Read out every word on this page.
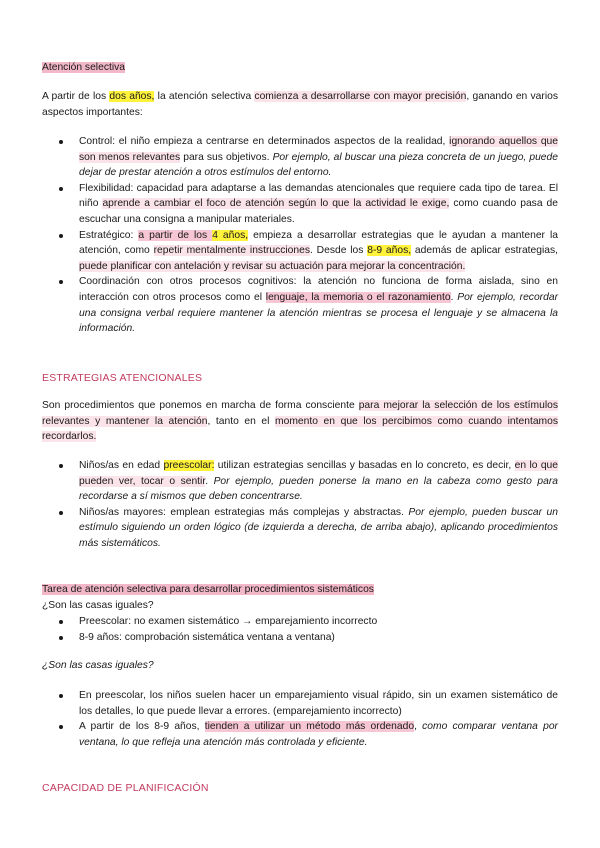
Atención selectiva
A partir de los dos años, la atención selectiva comienza a desarrollarse con mayor precisión, ganando en varios aspectos importantes:
Control: el niño empieza a centrarse en determinados aspectos de la realidad, ignorando aquellos que son menos relevantes para sus objetivos. Por ejemplo, al buscar una pieza concreta de un juego, puede dejar de prestar atención a otros estímulos del entorno.
Flexibilidad: capacidad para adaptarse a las demandas atencionales que requiere cada tipo de tarea. El niño aprende a cambiar el foco de atención según lo que la actividad le exige, como cuando pasa de escuchar una consigna a manipular materiales.
Estratégico: a partir de los 4 años, empieza a desarrollar estrategias que le ayudan a mantener la atención, como repetir mentalmente instrucciones. Desde los 8-9 años, además de aplicar estrategias, puede planificar con antelación y revisar su actuación para mejorar la concentración.
Coordinación con otros procesos cognitivos: la atención no funciona de forma aislada, sino en interacción con otros procesos como el lenguaje, la memoria o el razonamiento. Por ejemplo, recordar una consigna verbal requiere mantener la atención mientras se procesa el lenguaje y se almacena la información.
ESTRATEGIAS ATENCIONALES
Son procedimientos que ponemos en marcha de forma consciente para mejorar la selección de los estímulos relevantes y mantener la atención, tanto en el momento en que los percibimos como cuando intentamos recordarlos.
Niños/as en edad preescolar: utilizan estrategias sencillas y basadas en lo concreto, es decir, en lo que pueden ver, tocar o sentir. Por ejemplo, pueden ponerse la mano en la cabeza como gesto para recordarse a sí mismos que deben concentrarse.
Niños/as mayores: emplean estrategias más complejas y abstractas. Por ejemplo, pueden buscar un estímulo siguiendo un orden lógico (de izquierda a derecha, de arriba abajo), aplicando procedimientos más sistemáticos.
Tarea de atención selectiva para desarrollar procedimientos sistemáticos
¿Son las casas iguales?
Preescolar: no examen sistemático → emparejamiento incorrecto
8-9 años: comprobación sistemática ventana a ventana)
¿Son las casas iguales?
En preescolar, los niños suelen hacer un emparejamiento visual rápido, sin un examen sistemático de los detalles, lo que puede llevar a errores. (emparejamiento incorrecto)
A partir de los 8-9 años, tienden a utilizar un método más ordenado, como comparar ventana por ventana, lo que refleja una atención más controlada y eficiente.
CAPACIDAD DE PLANIFICACIÓN
